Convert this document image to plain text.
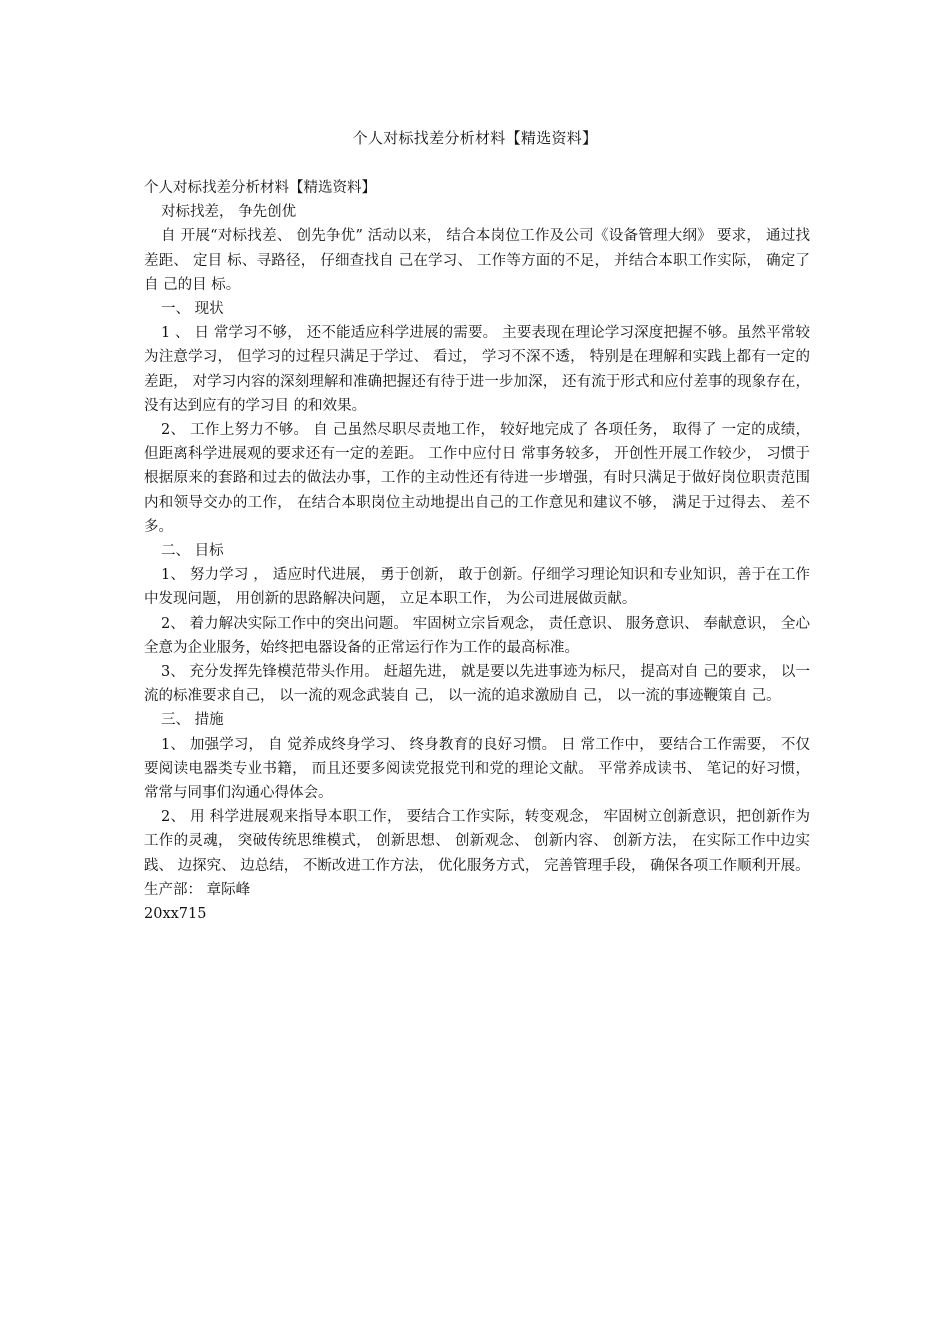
个人对标找差分析材料【精选资料】

个人对标找差分析材料【精选资料】

对标找差， 争先创优

自 开展“对标找差、 创先争优” 活动以来， 结合本岗位工作及公司《设备管理大纲》 要求， 通过找差距、 定目 标、寻路径， 仔细查找自 己在学习、 工作等方面的不足， 并结合本职工作实际， 确定了 自 己的目 标。

一、 现状

1 、 日 常学习不够， 还不能适应科学进展的需要。 主要表现在理论学习深度把握不够。虽然平常较为注意学习， 但学习的过程只满足于学过、 看过， 学习不深不透， 特别是在理解和实践上都有一定的差距， 对学习内容的深刻理解和准确把握还有待于进一步加深， 还有流于形式和应付差事的现象存在， 没有达到应有的学习目 的和效果。

2、 工作上努力不够。 自 己虽然尽职尽责地工作， 较好地完成了 各项任务， 取得了 一定的成绩， 但距离科学进展观的要求还有一定的差距。 工作中应付日 常事务较多， 开创性开展工作较少， 习惯于根据原来的套路和过去的做法办事，工作的主动性还有待进一步增强，有时只满足于做好岗位职责范围内和领导交办的工作， 在结合本职岗位主动地提出自己的工作意见和建议不够， 满足于过得去、 差不多。

二、 目标

1、 努力学习 ， 适应时代进展， 勇于创新， 敢于创新。仔细学习理论知识和专业知识，善于在工作中发现问题， 用创新的思路解决问题， 立足本职工作， 为公司进展做贡献。

2、 着力解决实际工作中的突出问题。 牢固树立宗旨观念， 责任意识、 服务意识、 奉献意识， 全心全意为企业服务，始终把电器设备的正常运行作为工作的最高标准。

3、 充分发挥先锋模范带头作用。 赶超先进， 就是要以先进事迹为标尺， 提高对自 己的要求， 以一流的标准要求自己， 以一流的观念武装自 己， 以一流的追求激励自 己， 以一流的事迹鞭策自 己。

三、 措施

1、 加强学习， 自 觉养成终身学习、 终身教育的良好习惯。 日 常工作中， 要结合工作需要， 不仅要阅读电器类专业书籍， 而且还要多阅读党报党刊和党的理论文献。 平常养成读书、 笔记的好习惯， 常常与同事们沟通心得体会。

2、 用 科学进展观来指导本职工作， 要结合工作实际，转变观念， 牢固树立创新意识，把创新作为工作的灵魂， 突破传统思维模式， 创新思想、 创新观念、 创新内容、 创新方法， 在实际工作中边实践、 边探究、 边总结， 不断改进工作方法， 优化服务方式， 完善管理手段， 确保各项工作顺利开展。

生产部： 章际峰

20xx715
